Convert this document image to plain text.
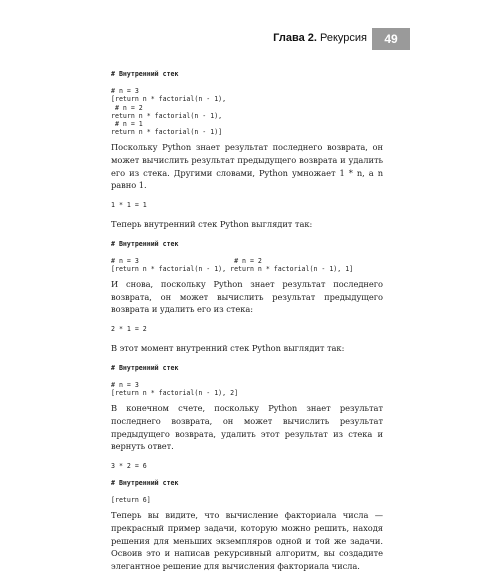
Глава 2. Рекурсия	49
# Внутренний стек
# n = 3
[return n * factorial(n - 1),
# n = 2
return n * factorial(n - 1),
# n = 1
return n * factorial(n - 1)]

Поскольку Python знает результат последнего возврата, он может вычислить результат предыдущего возврата и удалить его из стека. Другими словами, Python умножает 1 * n, а n равно 1.

1 * 1 = 1

Теперь внутренний стек Python выглядит так:

# Внутренний стек
# n = 3                        # n = 2
[return n * factorial(n - 1), return n * factorial(n - 1), 1]

И снова, поскольку Python знает результат последнего возврата, он может вычислить результат предыдущего возврата и удалить его из стека:

2 * 1 = 2

В этот момент внутренний стек Python выглядит так:

# Внутренний стек
# n = 3
[return n * factorial(n - 1), 2]

В конечном счете, поскольку Python знает результат последнего возврата, он может вычислить результат предыдущего возврата, удалить этот результат из стека и вернуть ответ.

3 * 2 = 6
# Внутренний стек
[return 6]

Теперь вы видите, что вычисление факториала числа — прекрасный пример задачи, которую можно решить, находя решения для меньших экземпляров одной и той же задачи. Освоив это и написав рекурсивный алгоритм, вы создадите элегантное решение для вычисления факториала числа.
